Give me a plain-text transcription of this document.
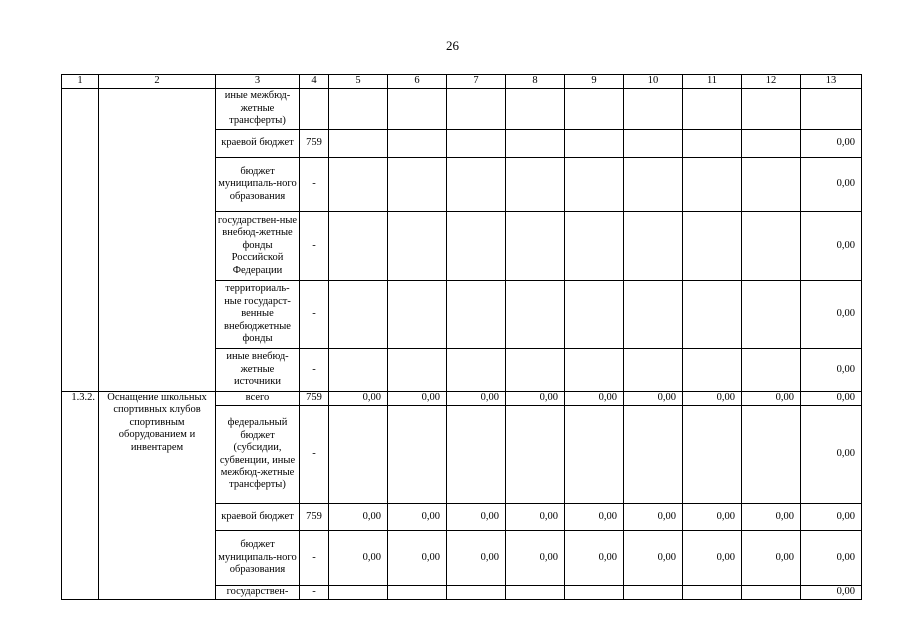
26
1	2	3	4	5	6	7	8	9	10	11	12	13
		иные межбюд-жетные трансферты)										
		краевой бюджет	759									0,00
		бюджет муниципаль-ного образования	-									0,00
		государствен-ные внебюд-жетные фонды Российской Федерации	-									0,00
		территориаль-ные государст-венные внебюджетные фонды	-									0,00
		иные внебюд-жетные источники	-									0,00
1.3.2.	Оснащение школьных спортивных клубов спортивным оборудованием и инвентарем	всего	759	0,00	0,00	0,00	0,00	0,00	0,00	0,00	0,00	0,00
		федеральный бюджет (субсидии, субвенции, иные межбюд-жетные трансферты)	-									0,00
		краевой бюджет	759	0,00	0,00	0,00	0,00	0,00	0,00	0,00	0,00	0,00
		бюджет муниципаль-ного образования	-	0,00	0,00	0,00	0,00	0,00	0,00	0,00	0,00	0,00
		государствен-	-									0,00
